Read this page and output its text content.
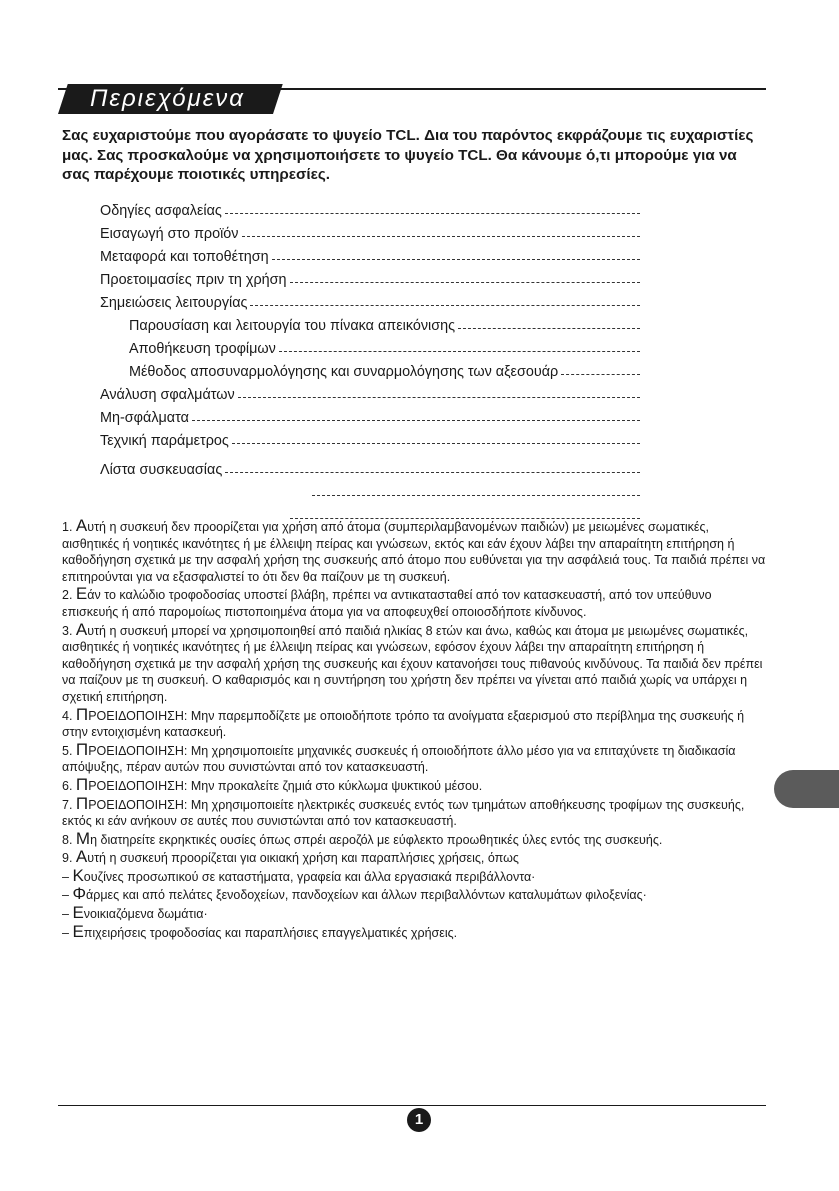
Περιεχόμενα
Σας ευχαριστούμε που αγοράσατε το ψυγείο TCL. Δια του παρόντος εκφράζουμε τις ευχαριστίες μας. Σας προσκαλούμε να χρησιμοποιήσετε το ψυγείο TCL. Θα κάνουμε ό,τι μπορούμε για να σας παρέχουμε ποιοτικές υπηρεσίες.
Οδηγίες ασφαλείας
Εισαγωγή στο προϊόν
Μεταφορά και τοποθέτηση
Προετοιμασίες πριν τη χρήση
Σημειώσεις λειτουργίας
Παρουσίαση και λειτουργία του πίνακα απεικόνισης
Αποθήκευση τροφίμων
Μέθοδος αποσυναρμολόγησης και συναρμολόγησης των αξεσουάρ
Ανάλυση σφαλμάτων
Μη-σφάλματα
Τεχνική παράμετρος
Λίστα συσκευασίας

1. Αυτή η συσκευή δεν προορίζεται για χρήση από άτομα (συμπεριλαμβανομένων παιδιών) με μειωμένες σωματικές, αισθητικές ή νοητικές ικανότητες ή με έλλειψη πείρας και γνώσεων, εκτός και εάν έχουν λάβει την απαραίτητη επιτήρηση ή καθοδήγηση σχετικά με την ασφαλή χρήση της συσκευής από άτομο που ευθύνεται για την ασφάλειά τους. Τα παιδιά πρέπει να επιτηρούνται για να εξασφαλιστεί το ότι δεν θα παίζουν με τη συσκευή.

2. Εάν το καλώδιο τροφοδοσίας υποστεί βλάβη, πρέπει να αντικατασταθεί από τον κατασκευαστή, από τον υπεύθυνο επισκευής ή από παρομοίως πιστοποιημένα άτομα για να αποφευχθεί οποιοσδήποτε κίνδυνος.

3. Αυτή η συσκευή μπορεί να χρησιμοποιηθεί από παιδιά ηλικίας 8 ετών και άνω, καθώς και άτομα με μειωμένες σωματικές, αισθητικές ή νοητικές ικανότητες ή με έλλειψη πείρας και γνώσεων, εφόσον έχουν λάβει την απαραίτητη επιτήρηση ή καθοδήγηση σχετικά με την ασφαλή χρήση της συσκευής και έχουν κατανοήσει τους πιθανούς κινδύνους. Τα παιδιά δεν πρέπει να παίζουν με τη συσκευή. Ο καθαρισμός και η συντήρηση του χρήστη δεν πρέπει να γίνεται από παιδιά χωρίς να υπάρχει η σχετική επιτήρηση.

4. ΠΡΟΕΙΔΟΠΟΙΗΣΗ: Μην παρεμποδίζετε με οποιοδήποτε τρόπο τα ανοίγματα εξαερισμού στο περίβλημα της συσκευής ή στην εντοιχισμένη κατασκευή.

5. ΠΡΟΕΙΔΟΠΟΙΗΣΗ: Μη χρησιμοποιείτε μηχανικές συσκευές ή οποιοδήποτε άλλο μέσο για να επιταχύνετε τη διαδικασία απόψυξης, πέραν αυτών που συνιστώνται από τον κατασκευαστή.

6. ΠΡΟΕΙΔΟΠΟΙΗΣΗ: Μην προκαλείτε ζημιά στο κύκλωμα ψυκτικού μέσου.

7. ΠΡΟΕΙΔΟΠΟΙΗΣΗ: Μη χρησιμοποιείτε ηλεκτρικές συσκευές εντός των τμημάτων αποθήκευσης τροφίμων της συσκευής, εκτός κι εάν ανήκουν σε αυτές που συνιστώνται από τον κατασκευαστή.

8. Μη διατηρείτε εκρηκτικές ουσίες όπως σπρέι αεροζόλ με εύφλεκτο προωθητικές ύλες εντός της συσκευής.

9. Αυτή η συσκευή προορίζεται για οικιακή χρήση και παραπλήσιες χρήσεις, όπως

– Κουζίνες προσωπικού σε καταστήματα, γραφεία και άλλα εργασιακά περιβάλλοντα·

– Φάρμες και από πελάτες ξενοδοχείων, πανδοχείων και άλλων περιβαλλόντων καταλυμάτων φιλοξενίας·

– Ενοικιαζόμενα δωμάτια·

– Επιχειρήσεις τροφοδοσίας και παραπλήσιες επαγγελματικές χρήσεις.

1
